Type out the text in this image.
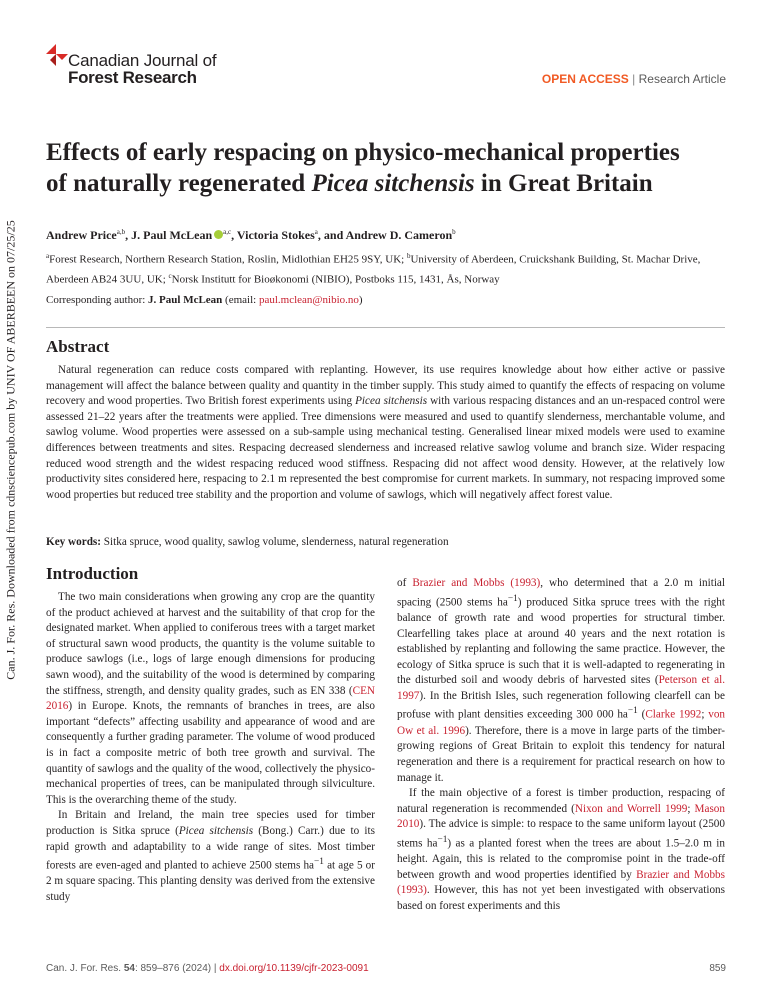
Can. J. For. Res. Downloaded from cdnsciencepub.com by UNIV OF ABERBEEN on 07/25/25
Canadian Journal of
Forest Research	OPEN ACCESS | Research Article
Effects of early respacing on physico-mechanical properties of naturally regenerated Picea sitchensis in Great Britain
Andrew Price$^{a,b}$, J. Paul McLean $^{a,c}$, Victoria Stokes$^a$, and Andrew D. Cameron$^b$
$^a$Forest Research, Northern Research Station, Roslin, Midlothian EH25 9SY, UK; $^b$University of Aberdeen, Cruickshank Building, St. Machar Drive, Aberdeen AB24 3UU, UK; $^c$Norsk Institutt for Bioøkonomi (NIBIO), Postboks 115, 1431, Ås, Norway
Corresponding author: J. Paul McLean (email: paul.mclean@nibio.no)
Abstract

Natural regeneration can reduce costs compared with replanting. However, its use requires knowledge about how either active or passive management will affect the balance between quality and quantity in the timber supply. This study aimed to quantify the effects of respacing on volume recovery and wood properties. Two British forest experiments using Picea sitchensis with various respacing distances and an un-respaced control were assessed 21–22 years after the treatments were applied. Tree dimensions were measured and used to quantify slenderness, merchantable volume, and sawlog volume. Wood properties were assessed on a sub-sample using mechanical testing. Generalised linear mixed models were used to examine differences between treatments and sites. Respacing decreased slenderness and increased relative sawlog volume and branch size. Wider respacing reduced wood strength and the widest respacing reduced wood stiffness. Respacing did not affect wood density. However, at the relatively low productivity sites considered here, respacing to 2.1 m represented the best compromise for current markets. In summary, not respacing improved some wood properties but reduced tree stability and the proportion and volume of sawlogs, which will negatively affect forest value.

Key words: Sitka spruce, wood quality, sawlog volume, slenderness, natural regeneration
Introduction

The two main considerations when growing any crop are the quantity of the product achieved at harvest and the suitability of that crop for the designated market. When applied to coniferous trees with a target market of structural sawn wood products, the quantity is the volume suitable to produce sawlogs (i.e., logs of large enough dimensions for producing sawn wood), and the suitability of the wood is determined by comparing the stiffness, strength, and density quality grades, such as EN 338 (CEN 2016) in Europe. Knots, the remnants of branches in trees, are also important “defects” affecting usability and appearance of wood and are consequently a further grading parameter. The volume of wood produced is in fact a composite metric of both tree growth and survival. The quantity of sawlogs and the quality of the wood, collectively the physico-mechanical properties of trees, can be manipulated through silviculture. This is the overarching theme of the study.

In Britain and Ireland, the main tree species used for timber production is Sitka spruce (Picea sitchensis (Bong.) Carr.) due to its rapid growth and adaptability to a wide range of sites. Most timber forests are even-aged and planted to achieve 2500 stems $ha^{-1}$ at age 5 or 2 m square spacing. This planting density was derived from the extensive study

of Brazier and Mobbs (1993), who determined that a 2.0 m initial spacing (2500 stems $ha^{-1}$) produced Sitka spruce trees with the right balance of growth rate and wood properties for structural timber. Clearfelling takes place at around 40 years and the next rotation is established by replanting and following the same practice. However, the ecology of Sitka spruce is such that it is well-adapted to regenerating in the disturbed soil and woody debris of harvested sites (Peterson et al. 1997). In the British Isles, such regeneration following clearfell can be profuse with plant densities exceeding 300 000 $ha^{-1}$ (Clarke 1992; von Ow et al. 1996). Therefore, there is a move in large parts of the timber-growing regions of Great Britain to exploit this tendency for natural regeneration and there is a requirement for practical research on how to manage it.

If the main objective of a forest is timber production, respacing of natural regeneration is recommended (Nixon and Worrell 1999; Mason 2010). The advice is simple: to respace to the same uniform layout (2500 stems $ha^{-1}$) as a planted forest when the trees are about 1.5–2.0 m in height. Again, this is related to the compromise point in the trade-off between growth and wood properties identified by Brazier and Mobbs (1993). However, this has not yet been investigated with observations based on forest experiments and this

Can. J. For. Res. 54: 859–876 (2024) | dx.doi.org/10.1139/cjfr-2023-0091	859
